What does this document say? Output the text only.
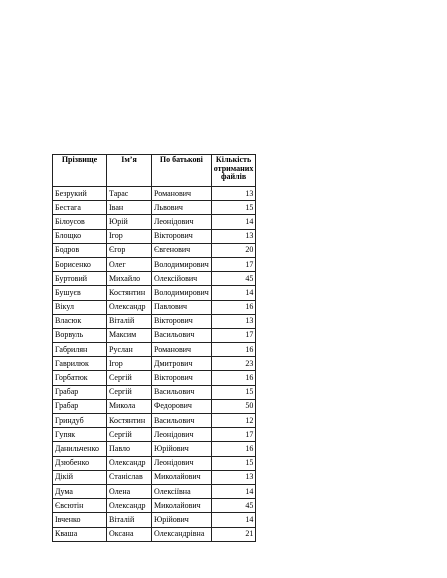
Прізвище	Ім’я	По батькові	Кількість
отриманих
файлів
Безрукий	Тарас	Романович	13
Бестага	Іван	Львович	15
Білоусов	Юрій	Леонідович	14
Блощко	Ігор	Вікторович	13
Бодров	Єгор	Євгенович	20
Борисенко	Олег	Володимирович	17
Буртовий	Михайло	Олексійович	45
Бушуєв	Костянтин	Володимирович	14
Вікул	Олександр	Павлович	16
Власюк	Віталій	Вікторович	13
Ворвуль	Максим	Васильович	17
Габрилян	Руслан	Романович	16
Гаврилюк	Ігор	Дмитрович	23
Горбатюк	Сергій	Вікторович	16
Грабар	Сергій	Васильович	15
Грабар	Микола	Федорович	50
Гриндуб	Костянтин	Васильович	12
Гупяк	Сергій	Леонідович	17
Данильченко	Павло	Юрійович	16
Дзюбенко	Олександр	Леонідович	15
Дікій	Станіслав	Миколайович	13
Дума	Олена	Олексіївна	14
Євсютін	Олександр	Миколайович	45
Івченко	Віталій	Юрійович	14
Кваша	Оксана	Олександрівна	21
